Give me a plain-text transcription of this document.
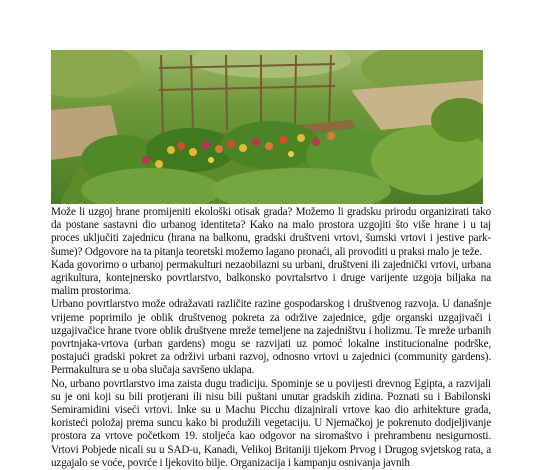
Može li uzgoj hrane promijeniti ekološki otisak grada? Možemo li gradsku prirodu organizirati tako da postane sastavni dio urbanog identiteta? Kako na malo prostora uzgojiti što više hrane i u taj proces uključiti zajednicu (hrana na balkonu, gradski društveni vrtovi, šumski vrtovi i jestive park-šume)? Odgovore na ta pitanja teoretski možemo lagano pronaći, ali provoditi u praksi malo je teže.

Kada govorimo o urbanoj permakulturi nezaobilazni su urbani, društveni ili zajednički vrtovi, urbana agrikultura, kontejnersko povrtlarstvo, balkonsko povrtalsrtvo i druge varijente uzgoja biljaka na malim prostorima.

Urbano povrtlarstvo može odražavati različite razine gospodarskog i društvenog razvoja. U današnje vrijeme poprimilo je oblik društvenog pokreta za održive zajednice, gdje organski uzgajivači i uzgajivačice hrane tvore oblik društvene mreže temeljene na zajedništvu i holizmu. Te mreže urbanih povrtnjaka-vrtova (urban gardens) mogu se razvijati uz pomoć lokalne institucionalne podrške, postajući gradski pokret za održivi urbani razvoj, odnosno vrtovi u zajednici (community gardens). Permakultura se u oba slučaja savršeno uklapa.

No, urbano povrtlarstvo ima zaista dugu tradiciju. Spominje se u povijesti drevnog Egipta, a razvijali su je oni koji su bili protjerani ili nisu bili puštani unutar gradskih zidina. Poznati su i Babilonski Semiramidini viseći vrtovi. Inke su u Machu Picchu dizajnirali vrtove kao dio arhitekture grada, koristeći položaj prema suncu kako bi produžili vegetaciju. U Njemačkoj je pokrenuto dodjeljivanje prostora za vrtove početkom 19. stoljeća kao odgovor na siromaštvo i prehrambenu nesigurnosti. Vrtovi Pobjede nicali su u SAD-u, Kanadi, Velikoj Britaniji tijekom Prvog i Drugog svjetskog rata, a uzgajalo se voće, povrće i ljekovito bilje. Organizacija i kampanju osnivanja javnih
